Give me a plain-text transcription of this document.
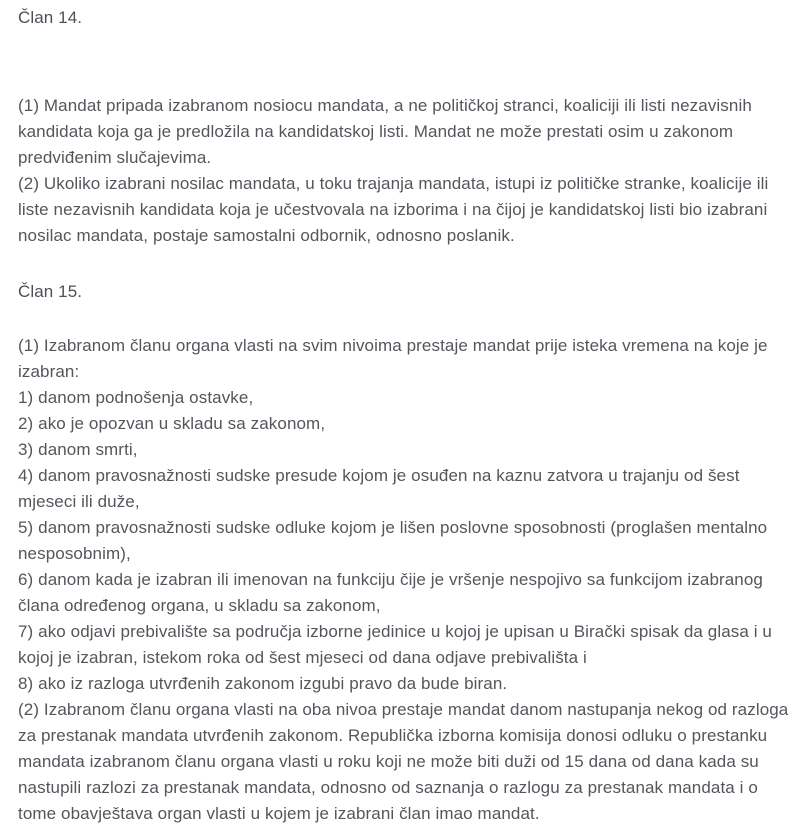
Član 14.
(1) Mandat pripada izabranom nosiocu mandata, a ne političkoj stranci, koaliciji ili listi nezavisnih
kandidata koja ga je predložila na kandidatskoj listi. Mandat ne može prestati osim u zakonom
predviđenim slučajevima.
(2) Ukoliko izabrani nosilac mandata, u toku trajanja mandata, istupi iz političke stranke, koalicije ili
liste nezavisnih kandidata koja je učestvovala na izborima i na čijoj je kandidatskoj listi bio izabrani
nosilac mandata, postaje samostalni odbornik, odnosno poslanik.
Član 15.
(1) Izabranom članu organa vlasti na svim nivoima prestaje mandat prije isteka vremena na koje je
izabran:
1) danom podnošenja ostavke,
2) ako je opozvan u skladu sa zakonom,
3) danom smrti,
4) danom pravosnažnosti sudske presude kojom je osuđen na kaznu zatvora u trajanju od šest
mjeseci ili duže,
5) danom pravosnažnosti sudske odluke kojom je lišen poslovne sposobnosti (proglašen mentalno
nesposobnim),
6) danom kada je izabran ili imenovan na funkciju čije je vršenje nespojivo sa funkcijom izabranog
člana određenog organa, u skladu sa zakonom,
7) ako odjavi prebivalište sa područja izborne jedinice u kojoj je upisan u Birački spisak da glasa i u
kojoj je izabran, istekom roka od šest mjeseci od dana odjave prebivališta i
8) ako iz razloga utvrđenih zakonom izgubi pravo da bude biran.
(2) Izabranom članu organa vlasti na oba nivoa prestaje mandat danom nastupanja nekog od razloga
za prestanak mandata utvrđenih zakonom. Republička izborna komisija donosi odluku o prestanku
mandata izabranom članu organa vlasti u roku koji ne može biti duži od 15 dana od dana kada su
nastupili razlozi za prestanak mandata, odnosno od saznanja o razlogu za prestanak mandata i o
tome obavještava organ vlasti u kojem je izabrani član imao mandat.
